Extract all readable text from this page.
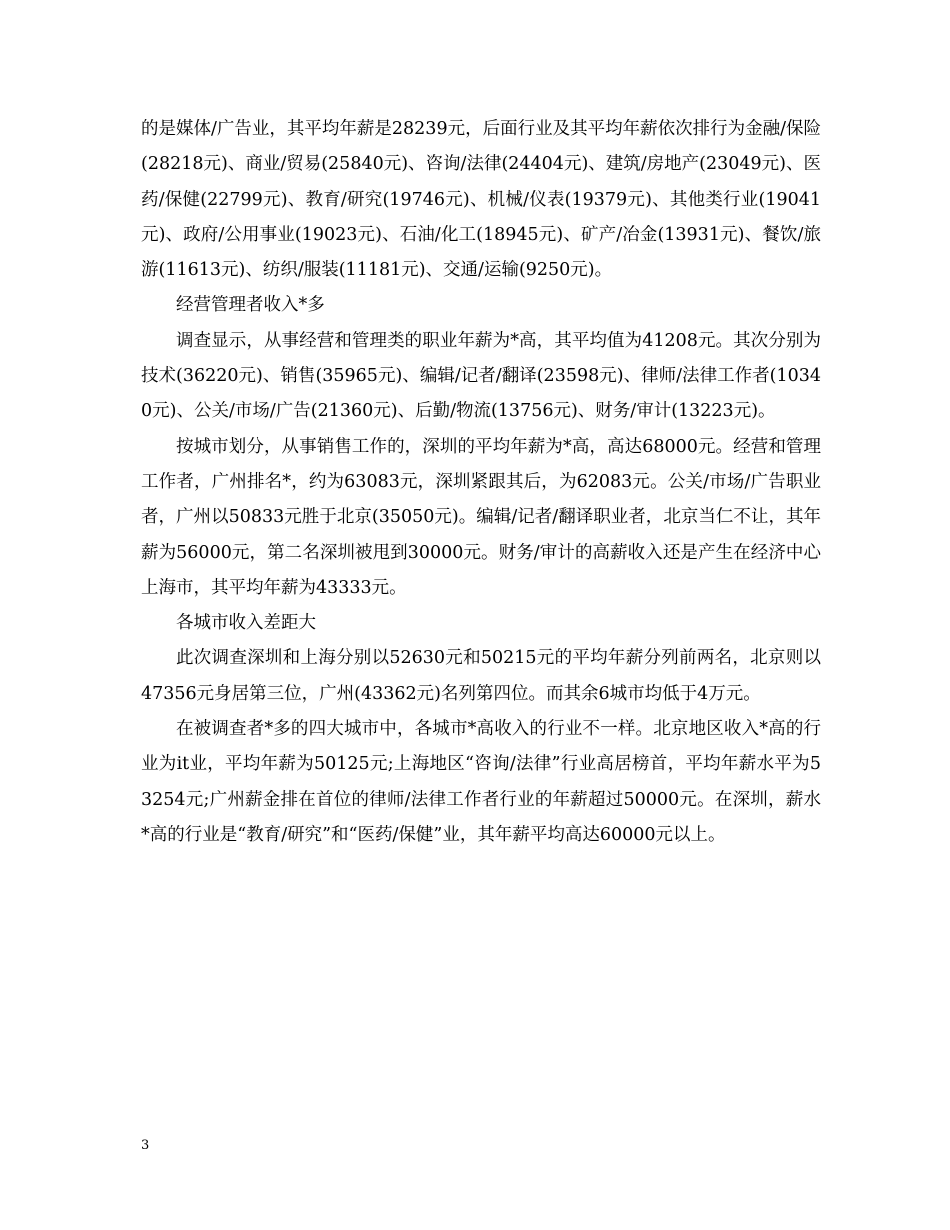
的是媒体/广告业，其平均年薪是28239元，后面行业及其平均年薪依次排行为金融/保险(28218元)、商业/贸易(25840元)、咨询/法律(24404元)、建筑/房地产(23049元)、医药/保健(22799元)、教育/研究(19746元)、机械/仪表(19379元)、其他类行业(19041元)、政府/公用事业(19023元)、石油/化工(18945元)、矿产/冶金(13931元)、餐饮/旅游(11613元)、纺织/服装(11181元)、交通/运输(9250元)。

经营管理者收入*多

调查显示，从事经营和管理类的职业年薪为*高，其平均值为41208元。其次分别为技术(36220元)、销售(35965元)、编辑/记者/翻译(23598元)、律师/法律工作者(10340元)、公关/市场/广告(21360元)、后勤/物流(13756元)、财务/审计(13223元)。

按城市划分，从事销售工作的，深圳的平均年薪为*高，高达68000元。经营和管理工作者，广州排名*，约为63083元，深圳紧跟其后，为62083元。公关/市场/广告职业者，广州以50833元胜于北京(35050元)。编辑/记者/翻译职业者，北京当仁不让，其年薪为56000元，第二名深圳被甩到30000元。财务/审计的高薪收入还是产生在经济中心上海市，其平均年薪为43333元。

各城市收入差距大

此次调查深圳和上海分别以52630元和50215元的平均年薪分列前两名，北京则以47356元身居第三位，广州(43362元)名列第四位。而其余6城市均低于4万元。

在被调查者*多的四大城市中，各城市*高收入的行业不一样。北京地区收入*高的行业为it业，平均年薪为50125元;上海地区“咨询/法律”行业高居榜首，平均年薪水平为53254元;广州薪金排在首位的律师/法律工作者行业的年薪超过50000元。在深圳，薪水*高的行业是“教育/研究”和“医药/保健”业，其年薪平均高达60000元以上。

3
